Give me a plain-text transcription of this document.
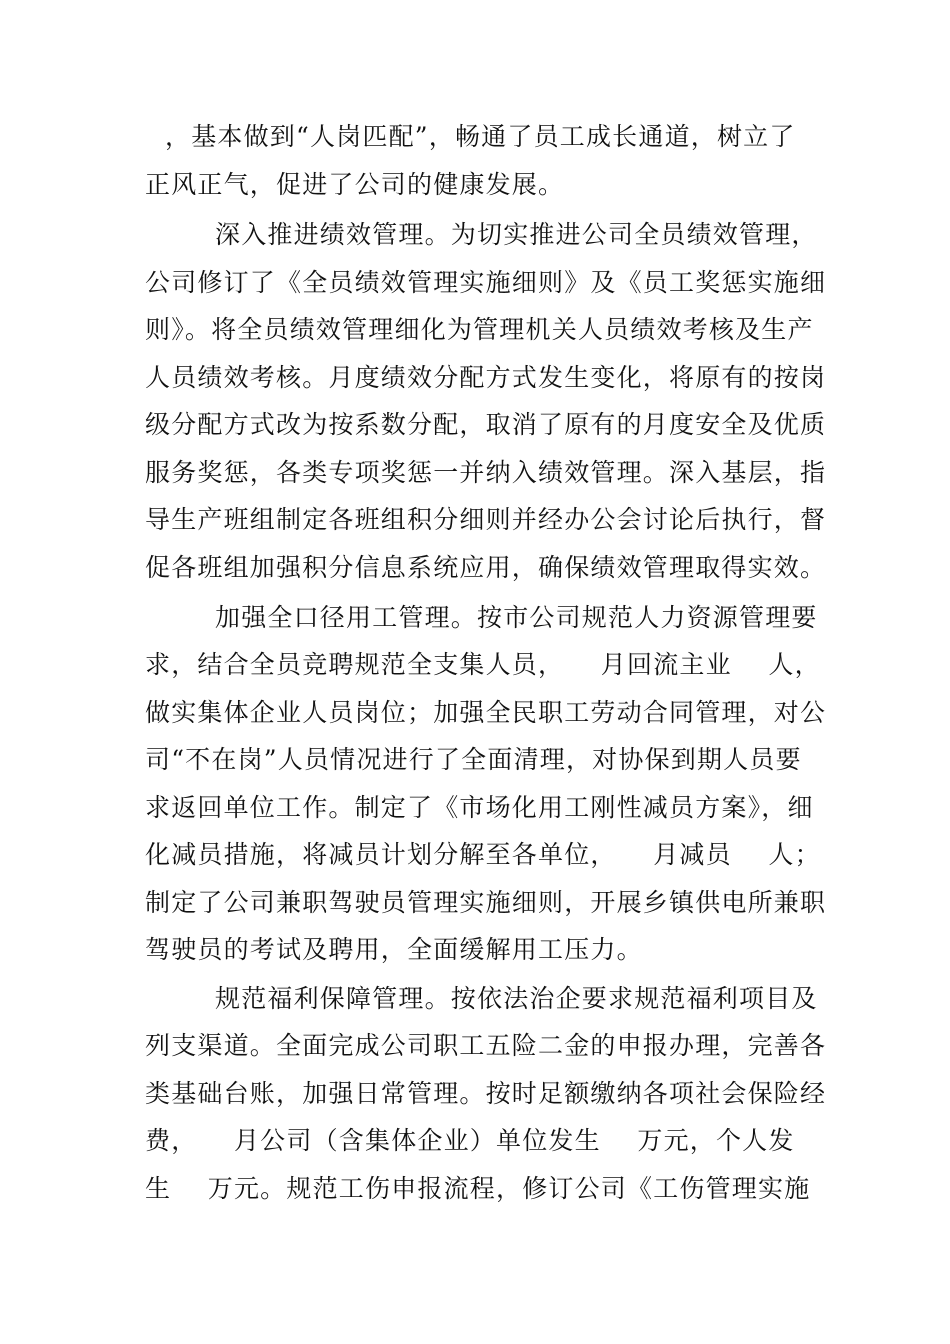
，基本做到“人岗匹配”，畅通了员工成长通道，树立了
正风正气，促进了公司的健康发展。
深入推进绩效管理。为切实推进公司全员绩效管理，
公司修订了《全员绩效管理实施细则》及《员工奖惩实施细
则》。将全员绩效管理细化为管理机关人员绩效考核及生产
人员绩效考核。月度绩效分配方式发生变化，将原有的按岗
级分配方式改为按系数分配，取消了原有的月度安全及优质
服务奖惩，各类专项奖惩一并纳入绩效管理。深入基层，指
导生产班组制定各班组积分细则并经办公会讨论后执行，督
促各班组加强积分信息系统应用，确保绩效管理取得实效。
加强全口径用工管理。按市公司规范人力资源管理要
求，结合全员竞聘规范全支集人员，    月回流主业    人，
做实集体企业人员岗位；加强全民职工劳动合同管理，对公
司“不在岗”人员情况进行了全面清理，对协保到期人员要
求返回单位工作。制定了《市场化用工刚性减员方案》，细
化减员措施，将减员计划分解至各单位，    月减员    人；
制定了公司兼职驾驶员管理实施细则，开展乡镇供电所兼职
驾驶员的考试及聘用，全面缓解用工压力。
规范福利保障管理。按依法治企要求规范福利项目及
列支渠道。全面完成公司职工五险二金的申报办理，完善各
类基础台账，加强日常管理。按时足额缴纳各项社会保险经
费，    月公司（含集体企业）单位发生    万元，个人发
生    万元。规范工伤申报流程，修订公司《工伤管理实施
